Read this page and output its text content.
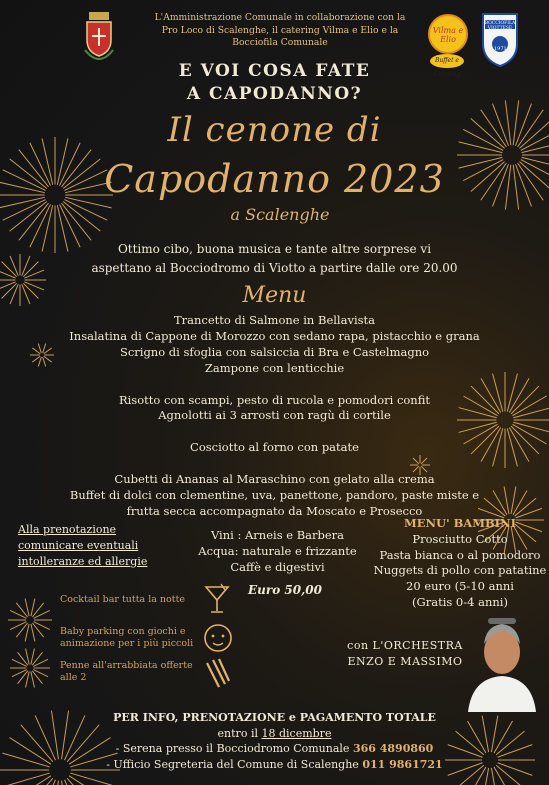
L'Amministrazione Comunale in collaborazione con la
Pro Loco di Scalenghe, il catering Vilma e Elio e la
Bocciofila Comunale
Vilma e Elio
Buffet e Catering
BOCCIOFILA VIOTTESE
1971
E VOI COSA FATE
A CAPODANNO?
Il cenone di
Capodanno 2023
a Scalenghe
Ottimo cibo, buona musica e tante altre sorprese vi
aspettano al Bocciodromo di Viotto a partire dalle ore 20.00
Menu
Trancetto di Salmone in Bellavista
Insalatina di Cappone di Morozzo con sedano rapa, pistacchio e grana
Scrigno di sfoglia con salsiccia di Bra e Castelmagno
Zampone con lenticchie

Risotto con scampi, pesto di rucola e pomodori confit
Agnolotti ai 3 arrosti con ragù di cortile

Cosciotto al forno con patate

Cubetti di Ananas al Maraschino con gelato alla crema
Buffet di dolci con clementine, uva, panettone, pandoro, paste miste e
frutta secca accompagnato da Moscato e Prosecco
Alla prenotazione
comunicare eventuali
intolleranze ed allergie
Vini : Arneis e Barbera
Acqua: naturale e frizzante
Caffè e digestivi
Euro 50,00
MENU' BAMBINI
Prosciutto Cotto
Pasta bianca o al pomodoro
Nuggets di pollo con patatine
20 euro (5-10 anni
(Gratis 0-4 anni)
Cocktail bar tutta la notte
Baby parking con giochi e animazione per i più piccoli
Penne all'arrabbiata offerte alle 2
con L'ORCHESTRA
ENZO E MASSIMO
PER INFO, PRENOTAZIONE e PAGAMENTO TOTALE
entro il 18 dicembre
- Serena presso il Bocciodromo Comunale 366 4890860
- Ufficio Segreteria del Comune di Scalenghe 011 9861721
